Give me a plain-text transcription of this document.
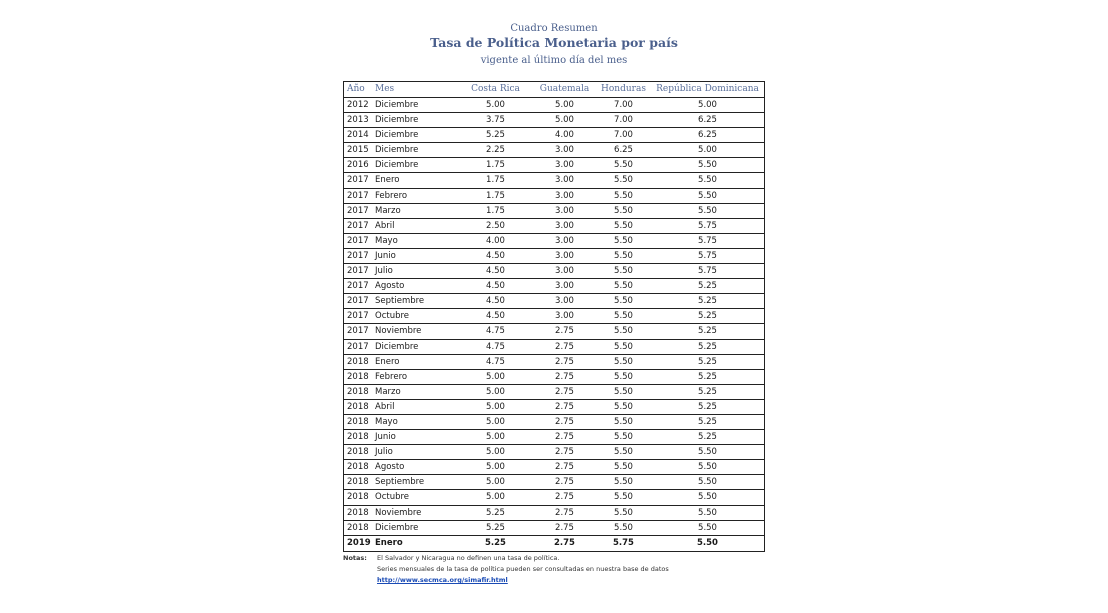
Cuadro Resumen
Tasa de Política Monetaria por país
vigente al último día del mes
Año	Mes	Costa Rica	Guatemala	Honduras	República Dominicana
2012 Diciembre	5.00	5.00	7.00	5.00
2013 Diciembre	3.75	5.00	7.00	6.25
2014 Diciembre	5.25	4.00	7.00	6.25
2015 Diciembre	2.25	3.00	6.25	5.00
2016 Diciembre	1.75	3.00	5.50	5.50
2017 Enero	1.75	3.00	5.50	5.50
2017 Febrero	1.75	3.00	5.50	5.50
2017 Marzo	1.75	3.00	5.50	5.50
2017 Abril	2.50	3.00	5.50	5.75
2017 Mayo	4.00	3.00	5.50	5.75
2017 Junio	4.50	3.00	5.50	5.75
2017 Julio	4.50	3.00	5.50	5.75
2017 Agosto	4.50	3.00	5.50	5.25
2017 Septiembre	4.50	3.00	5.50	5.25
2017 Octubre	4.50	3.00	5.50	5.25
2017 Noviembre	4.75	2.75	5.50	5.25
2017 Diciembre	4.75	2.75	5.50	5.25
2018 Enero	4.75	2.75	5.50	5.25
2018 Febrero	5.00	2.75	5.50	5.25
2018 Marzo	5.00	2.75	5.50	5.25
2018 Abril	5.00	2.75	5.50	5.25
2018 Mayo	5.00	2.75	5.50	5.25
2018 Junio	5.00	2.75	5.50	5.25
2018 Julio	5.00	2.75	5.50	5.50
2018 Agosto	5.00	2.75	5.50	5.50
2018 Septiembre	5.00	2.75	5.50	5.50
2018 Octubre	5.00	2.75	5.50	5.50
2018 Noviembre	5.25	2.75	5.50	5.50
2018 Diciembre	5.25	2.75	5.50	5.50
2019 Enero	5.25	2.75	5.75	5.50
Notas: El Salvador y Nicaragua no definen una tasa de política.
Series mensuales de la tasa de política pueden ser consultadas en nuestra base de datos
http://www.secmca.org/simafir.html
